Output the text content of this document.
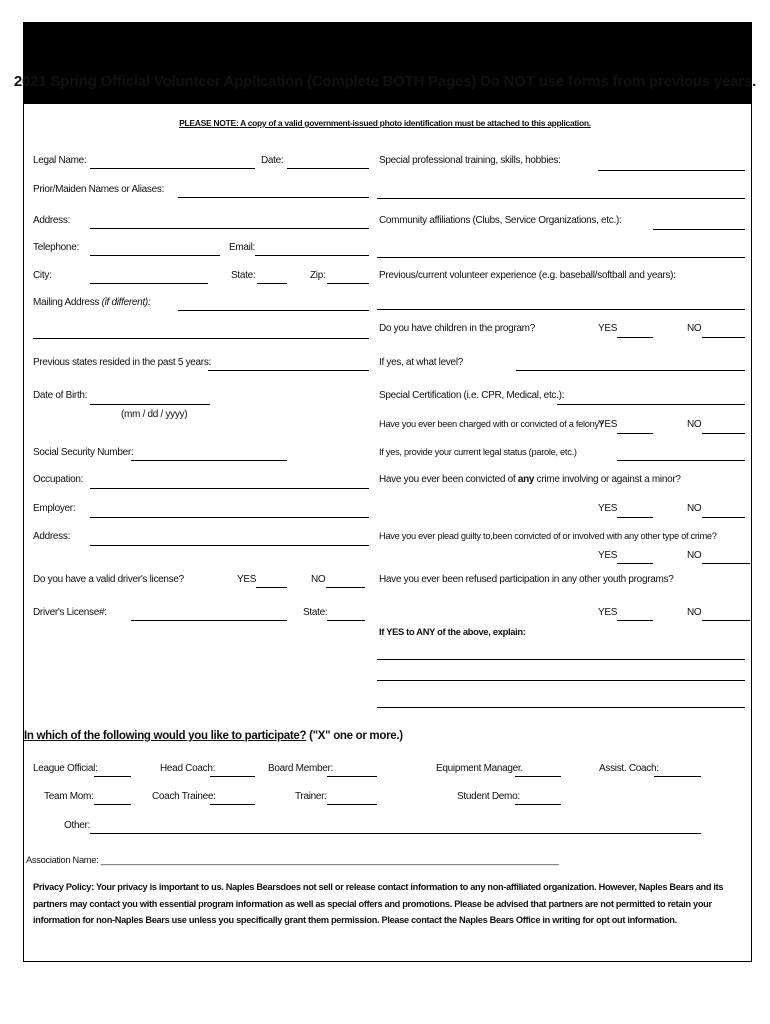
2021 Spring Official Volunteer Application (Complete BOTH Pages) Do NOT use forms from previous years.
PLEASE NOTE: A copy of a valid government-issued photo identification must be attached to this application.
Legal Name:	Date:
Prior/Maiden Names or Aliases:
Address:
Telephone:	Email:
City:	State:	Zip:
Mailing Address (if different):
Previous states resided in the past 5 years:
Date of Birth:
(mm / dd / yyyy)
Social Security Number:
Occupation:
Employer:
Address:
Do you have a valid driver's license?	YES	NO
Driver's License#:	State:
Special professional training, skills, hobbies:
Community affiliations (Clubs, Service Organizations, etc.):
Previous/current volunteer experience (e.g. baseball/softball and years):
Do you have children in the program?	YES	NO
If yes, at what level?
Special Certification (i.e. CPR, Medical, etc.):
Have you ever been charged with or convicted of a felony?
YES	NO
If yes, provide your current legal status (parole, etc.)
Have you ever been convicted of any crime involving or against a minor?
YES	NO
Have you ever plead guilty to,been convicted of or involved with any other type of crime?
YES	NO
Have you ever been refused participation in any other youth programs?
YES	NO
If YES to ANY of the above, explain:
In which of the following would you like to participate? ("X" one or more.)
League Official:	Head Coach:	Board Member:	Equipment Manager.	Assist. Coach:
Team Mom:	Coach Trainee:	Trainer:	Student Demo:
Other:
Association Name: ______________________________________________________________________________________________
Privacy Policy: Your privacy is important to us. Naples Bearsdoes not sell or release contact information to any non-affiliated organization. However, Naples Bears and its partners may contact you with essential program information as well as special offers and promotions. Please be advised that partners are not permitted to retain your information for non-Naples Bears use unless you specifically grant them permission. Please contact the Naples Bears Office in writing for opt out information.
